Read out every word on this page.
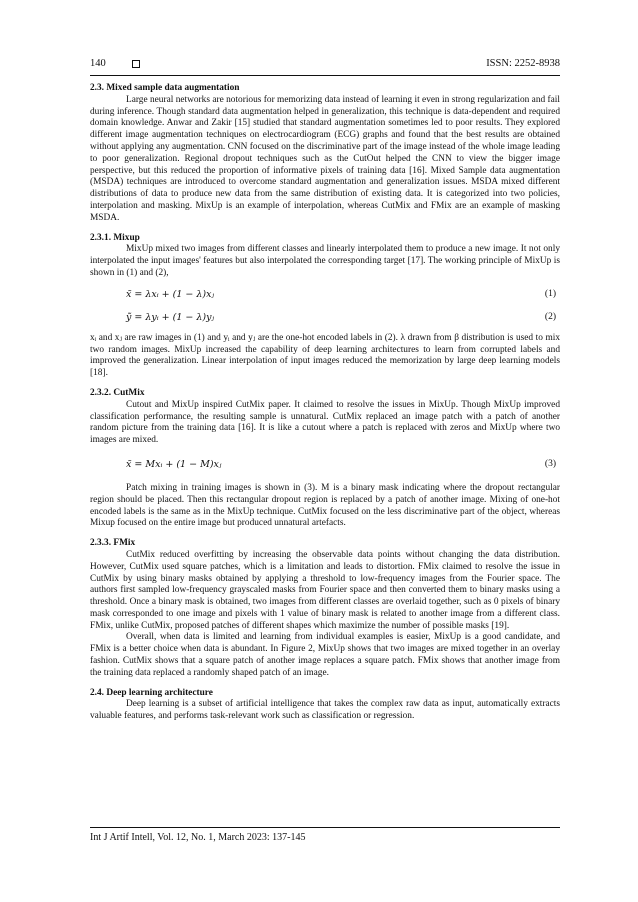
140	ISSN: 2252-8938
2.3. Mixed sample data augmentation

Large neural networks are notorious for memorizing data instead of learning it even in strong regularization and fail during inference. Though standard data augmentation helped in generalization, this technique is data-dependent and required domain knowledge. Anwar and Zakir [15] studied that standard augmentation sometimes led to poor results. They explored different image augmentation techniques on electrocardiogram (ECG) graphs and found that the best results are obtained without applying any augmentation. CNN focused on the discriminative part of the image instead of the whole image leading to poor generalization. Regional dropout techniques such as the CutOut helped the CNN to view the bigger image perspective, but this reduced the proportion of informative pixels of training data [16]. Mixed Sample data augmentation (MSDA) techniques are introduced to overcome standard augmentation and generalization issues. MSDA mixed different distributions of data to produce new data from the same distribution of existing data. It is categorized into two policies, interpolation and masking. MixUp is an example of interpolation, whereas CutMix and FMix are an example of masking MSDA.

2.3.1. Mixup

MixUp mixed two images from different classes and linearly interpolated them to produce a new image. It not only interpolated the input images' features but also interpolated the corresponding target [17]. The working principle of MixUp is shown in (1) and (2),

x̃ = λxᵢ + (1 − λ)xⱼ	(1)
ỹ = λyᵢ + (1 − λ)yⱼ	(2)

xᵢ and xⱼ are raw images in (1) and yᵢ and yⱼ are the one-hot encoded labels in (2). λ drawn from β distribution is used to mix two random images. MixUp increased the capability of deep learning architectures to learn from corrupted labels and improved the generalization. Linear interpolation of input images reduced the memorization by large deep learning models [18].

2.3.2. CutMix

Cutout and MixUp inspired CutMix paper. It claimed to resolve the issues in MixUp. Though MixUp improved classification performance, the resulting sample is unnatural. CutMix replaced an image patch with a patch of another random picture from the training data [16]. It is like a cutout where a patch is replaced with zeros and MixUp where two images are mixed.

x̃ = Mxᵢ + (1 − M)xⱼ	(3)

Patch mixing in training images is shown in (3). M is a binary mask indicating where the dropout rectangular region should be placed. Then this rectangular dropout region is replaced by a patch of another image. Mixing of one-hot encoded labels is the same as in the MixUp technique. CutMix focused on the less discriminative part of the object, whereas Mixup focused on the entire image but produced unnatural artefacts.

2.3.3. FMix

CutMix reduced overfitting by increasing the observable data points without changing the data distribution. However, CutMix used square patches, which is a limitation and leads to distortion. FMix claimed to resolve the issue in CutMix by using binary masks obtained by applying a threshold to low-frequency images from the Fourier space. The authors first sampled low-frequency grayscaled masks from Fourier space and then converted them to binary masks using a threshold. Once a binary mask is obtained, two images from different classes are overlaid together, such as 0 pixels of binary mask corresponded to one image and pixels with 1 value of binary mask is related to another image from a different class. FMix, unlike CutMix, proposed patches of different shapes which maximize the number of possible masks [19].

Overall, when data is limited and learning from individual examples is easier, MixUp is a good candidate, and FMix is a better choice when data is abundant. In Figure 2, MixUp shows that two images are mixed together in an overlay fashion. CutMix shows that a square patch of another image replaces a square patch. FMix shows that another image from the training data replaced a randomly shaped patch of an image.

2.4. Deep learning architecture

Deep learning is a subset of artificial intelligence that takes the complex raw data as input, automatically extracts valuable features, and performs task-relevant work such as classification or regression.

Int J Artif Intell, Vol. 12, No. 1, March 2023: 137-145
